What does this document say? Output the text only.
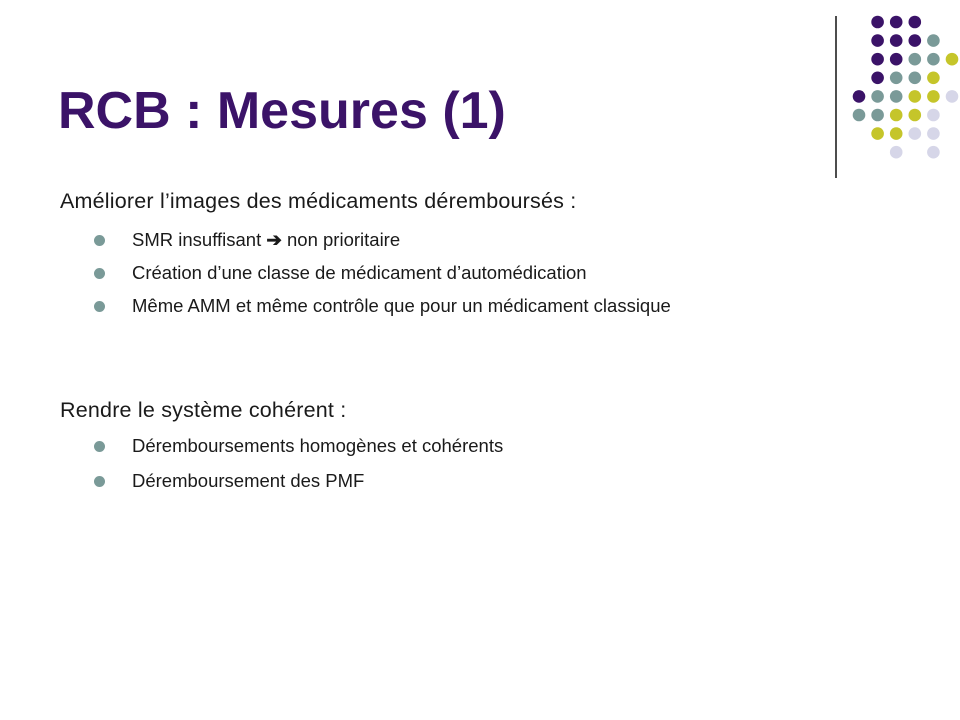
RCB : Mesures (1)
Améliorer l’images des médicaments déremboursés :
SMR insuffisant ➔ non prioritaire
Création d’une classe de médicament d’automédication
Même AMM et même contrôle que pour un médicament classique
Rendre le système cohérent :
Déremboursements homogènes et cohérents
Déremboursement des PMF
